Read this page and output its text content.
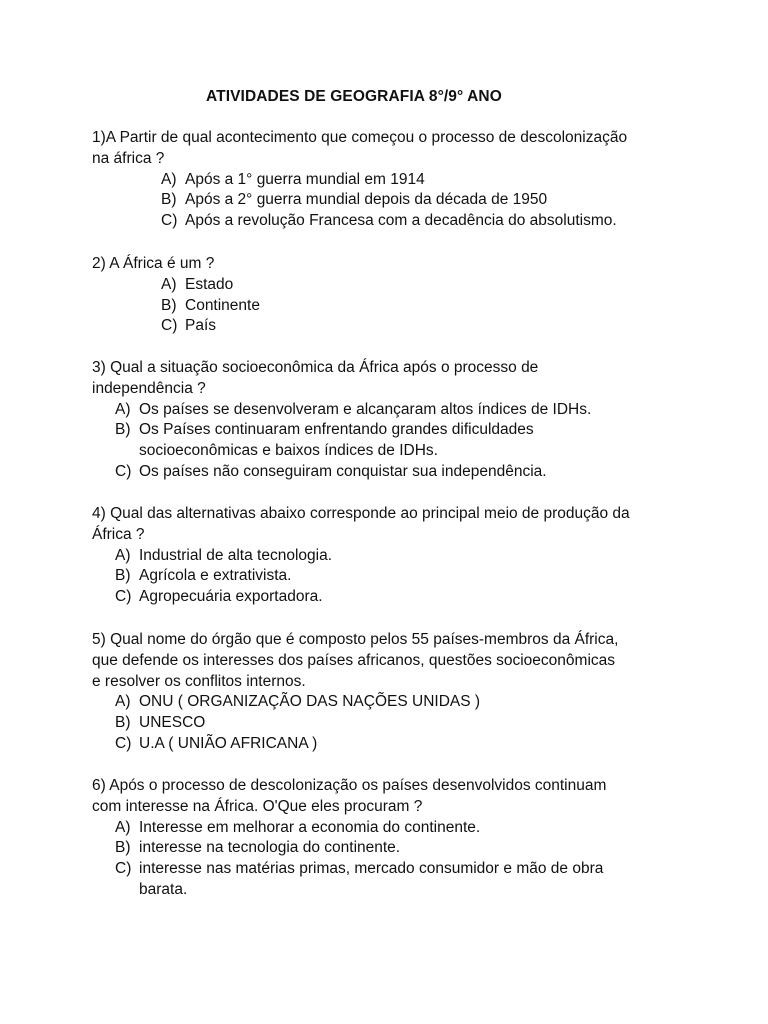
ATIVIDADES DE GEOGRAFIA 8°/9° ANO
1)A Partir de qual acontecimento que começou o processo de descolonização
na áfrica ?
A) Após a 1° guerra mundial em 1914
B) Após a 2° guerra mundial depois da década de 1950
C) Após a revolução Francesa com a decadência do absolutismo.
2) A África é um ?
A) Estado
B) Continente
C) País
3) Qual a situação socioeconômica da África após o processo de
independência ?
A) Os países se desenvolveram e alcançaram altos índices de IDHs.
B) Os Países continuaram enfrentando grandes dificuldades
socioeconômicas e baixos índices de IDHs.
C) Os países não conseguiram conquistar sua independência.
4) Qual das alternativas abaixo corresponde ao principal meio de produção da
África ?
A) Industrial de alta tecnologia.
B) Agrícola e extrativista.
C) Agropecuária exportadora.
5) Qual nome do órgão que é composto pelos 55 países-membros da África,
que defende os interesses dos países africanos, questões socioeconômicas
e resolver os conflitos internos.
A) ONU ( ORGANIZAÇÃO DAS NAÇÕES UNIDAS )
B) UNESCO
C) U.A ( UNIÃO AFRICANA )
6) Após o processo de descolonização os países desenvolvidos continuam
com interesse na África. O'Que eles procuram ?
A) Interesse em melhorar a economia do continente.
B) interesse na tecnologia do continente.
C) interesse nas matérias primas, mercado consumidor e mão de obra
barata.
